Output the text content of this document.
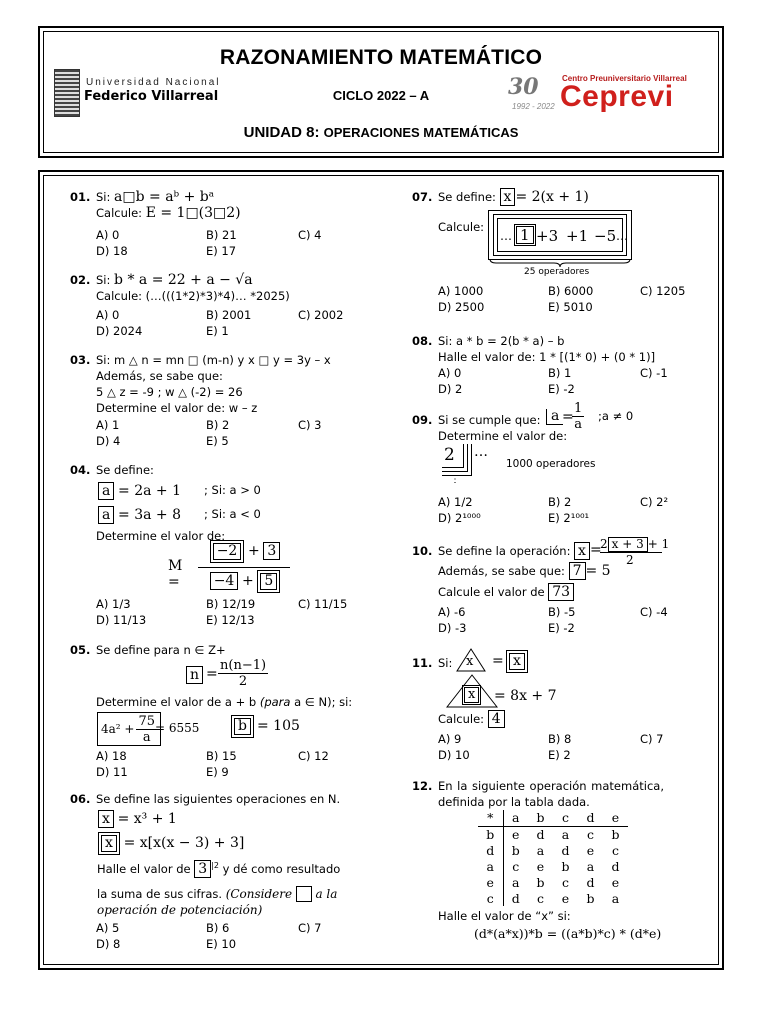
RAZONAMIENTO MATEMÁTICO
Universidad Nacional
Federico Villarreal	CICLO 2022 – A	30
1992 - 2022
Centro Preuniversitario Villarreal
Ceprevi
UNIDAD 8: OPERACIONES MATEMÁTICAS
01. Si: a□b = aᵇ + bᵃ
Calcule: E = 1□(3□2)
A) 0	B) 21	C) 4
D) 18	E) 17
02. Si: b * a = 22 + a − √a
Calcule: (…(((1*2)*3)*4)… *2025)
A) 0	B) 2001	C) 2002
D) 2024	E) 1
03. Si: m △ n = mn □ (m-n) y x □ y = 3y – x
Además, se sabe que:
5 △ z = -9 ; w △ (-2) = 26
Determine el valor de: w – z
A) 1	B) 2	C) 3
D) 4	E) 5
04. Se define:
a = 2a + 1 ; Si: a > 0
a = 3a + 8 ; Si: a < 0
Determine el valor de:
M =
−2 + 3
−4 + 5
A) 1/3	B) 12/19	C) 11/15
D) 11/13	E) 12/13
05. Se define para n ∈ Z+
$n = \frac{n(n-1)}{2}$
Determine el valor de a + b (para a ∈ N); si:
$4a^2 + \frac{75}{a}$
= 6555	b = 105
A) 18	B) 15	C) 12
D) 11	E) 9
06. Se define las siguientes operaciones en N.
x = x³ + 1
x = x[x(x − 3) + 3]
Halle el valor de 3 $^{|2}$ y dé como resultado
la suma de sus cifras. (Considere a la
operación de potenciación)
A) 5	B) 6	C) 7
D) 8	E) 10
07. Se define: x = 2(x + 1)
Calcule:
… 1 +3 +1 −5 …
25 operadores
A) 1000	B) 6000	C) 1205
D) 2500	E) 5010
08. Si: a * b = 2(b * a) – b
Halle el valor de: 1 * [(1* 0) + (0 * 1)]
A) 0	B) 1	C) -1
D) 2	E) -2
09. Si se cumple que:
Determine el valor de:
a =
$\frac{1}{a}$ ;a ≠ 0
2 …
⋮
1000 operadores
A) 1/2	B) 2	C) 2²
D) 2¹⁰⁰⁰	E) 2¹⁰⁰¹
10. Se define la operación: x =
2 x + 3 + 1
2
Además, se sabe que: 7 = 5
Calcule el valor de 73
A) -6	B) -5	C) -4
D) -3	E) -2
11. Si: x = x
x	= 8x + 7
Calcule: 4
A) 9	B) 8	C) 7
D) 10	E) 2
12. En la siguiente operación matemática,
definida por la tabla dada.
*	a	b	c	d	e
b	e	d	a	c	b
d	b	a	d	e	c
a	c	e	b	a	d
e	a	b	c	d	e
c	d	c	e	b	a
Halle el valor de “x” si:
(d*(a*x))*b = ((a*b)*c) * (d*e)
